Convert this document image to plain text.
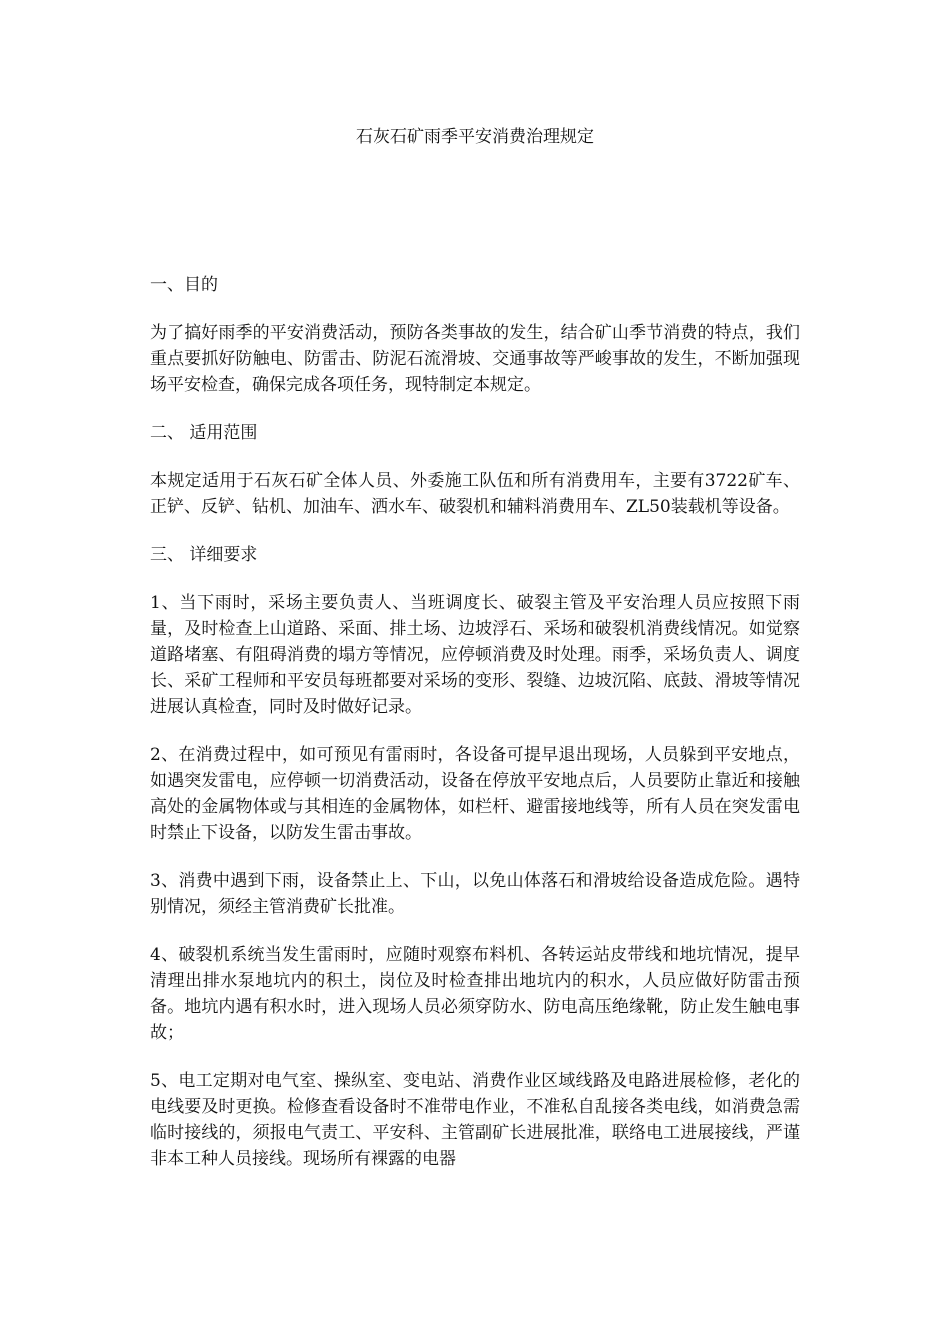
石灰石矿雨季平安消费治理规定
一、目的
为了搞好雨季的平安消费活动，预防各类事故的发生，结合矿山季节消费的特点，我们重点要抓好防触电、防雷击、防泥石流滑坡、交通事故等严峻事故的发生，不断加强现场平安检查，确保完成各项任务，现特制定本规定。
二、 适用范围
本规定适用于石灰石矿全体人员、外委施工队伍和所有消费用车，主要有3722矿车、正铲、反铲、钻机、加油车、洒水车、破裂机和辅料消费用车、ZL50装载机等设备。
三、 详细要求
1、当下雨时，采场主要负责人、当班调度长、破裂主管及平安治理人员应按照下雨量，及时检查上山道路、采面、排土场、边坡浮石、采场和破裂机消费线情况。如觉察道路堵塞、有阻碍消费的塌方等情况，应停顿消费及时处理。雨季，采场负责人、调度长、采矿工程师和平安员每班都要对采场的变形、裂缝、边坡沉陷、底鼓、滑坡等情况进展认真检查，同时及时做好记录。
2、在消费过程中，如可预见有雷雨时，各设备可提早退出现场，人员躲到平安地点，如遇突发雷电，应停顿一切消费活动，设备在停放平安地点后，人员要防止靠近和接触高处的金属物体或与其相连的金属物体，如栏杆、避雷接地线等，所有人员在突发雷电时禁止下设备，以防发生雷击事故。
3、消费中遇到下雨，设备禁止上、下山，以免山体落石和滑坡给设备造成危险。遇特别情况，须经主管消费矿长批准。
4、破裂机系统当发生雷雨时，应随时观察布料机、各转运站皮带线和地坑情况，提早清理出排水泵地坑内的积土，岗位及时检查排出地坑内的积水，人员应做好防雷击预备。地坑内遇有积水时，进入现场人员必须穿防水、防电高压绝缘靴，防止发生触电事故；
5、电工定期对电气室、操纵室、变电站、消费作业区域线路及电路进展检修，老化的电线要及时更换。检修查看设备时不准带电作业，不准私自乱接各类电线，如消费急需临时接线的，须报电气责工、平安科、主管副矿长进展批准，联络电工进展接线，严谨非本工种人员接线。现场所有裸露的电器
